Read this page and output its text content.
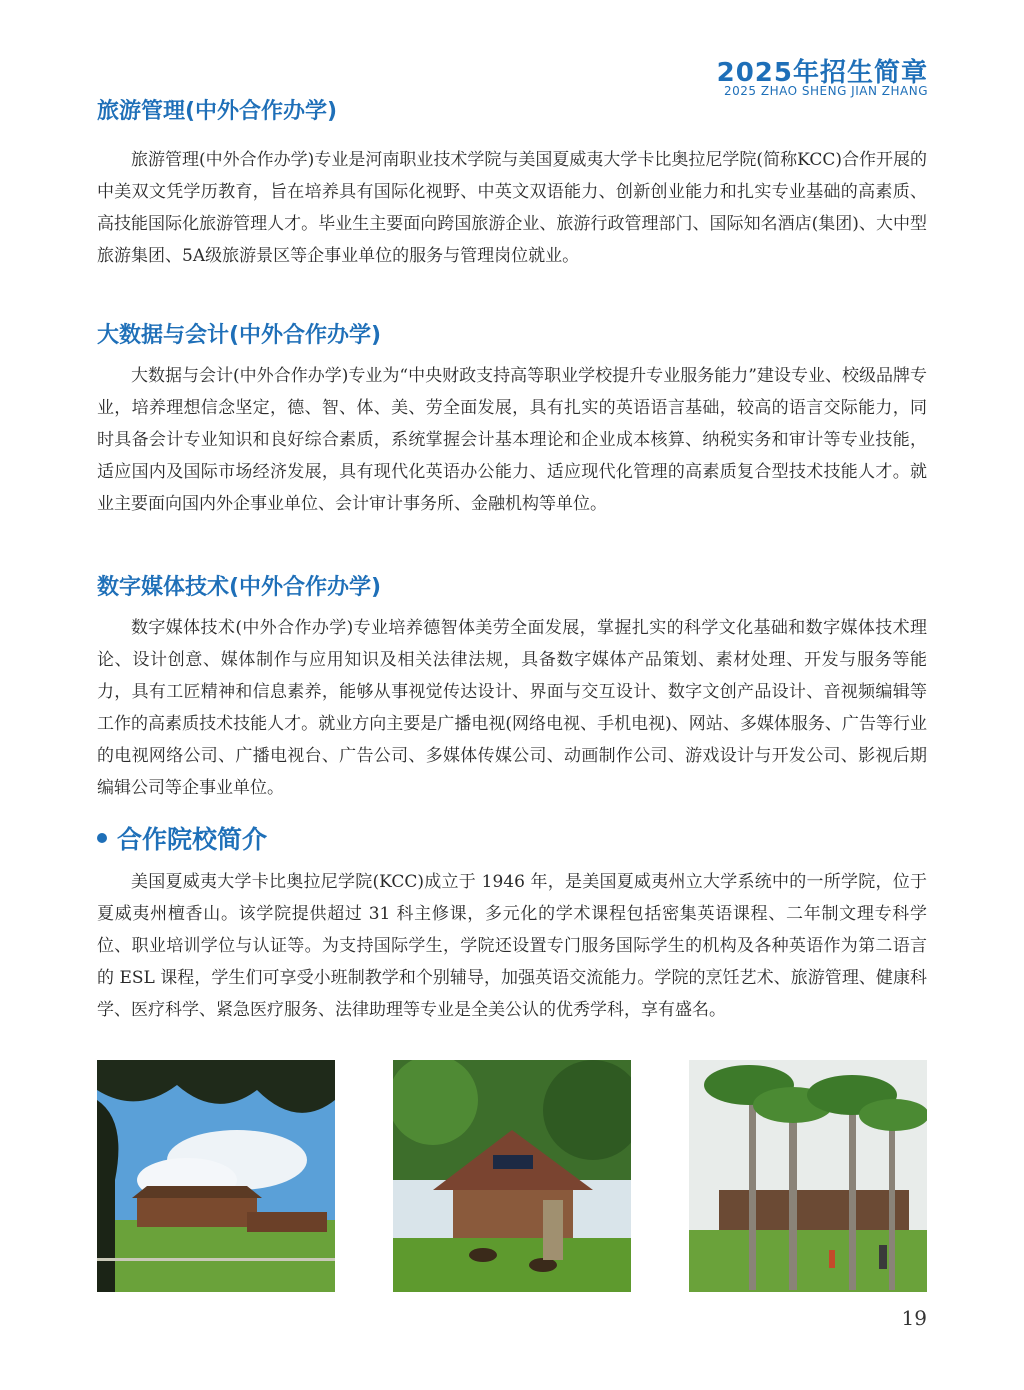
2025年招生简章
2025 ZHAO SHENG JIAN ZHANG
旅游管理(中外合作办学)

旅游管理(中外合作办学)专业是河南职业技术学院与美国夏威夷大学卡比奥拉尼学院(简称KCC)合作开展的中美双文凭学历教育，旨在培养具有国际化视野、中英文双语能力、创新创业能力和扎实专业基础的高素质、高技能国际化旅游管理人才。毕业生主要面向跨国旅游企业、旅游行政管理部门、国际知名酒店(集团)、大中型旅游集团、5A级旅游景区等企事业单位的服务与管理岗位就业。

大数据与会计(中外合作办学)

大数据与会计(中外合作办学)专业为“中央财政支持高等职业学校提升专业服务能力”建设专业、校级品牌专业，培养理想信念坚定，德、智、体、美、劳全面发展，具有扎实的英语语言基础，较高的语言交际能力，同时具备会计专业知识和良好综合素质，系统掌握会计基本理论和企业成本核算、纳税实务和审计等专业技能，适应国内及国际市场经济发展，具有现代化英语办公能力、适应现代化管理的高素质复合型技术技能人才。就业主要面向国内外企事业单位、会计审计事务所、金融机构等单位。

数字媒体技术(中外合作办学)

数字媒体技术(中外合作办学)专业培养德智体美劳全面发展，掌握扎实的科学文化基础和数字媒体技术理论、设计创意、媒体制作与应用知识及相关法律法规，具备数字媒体产品策划、素材处理、开发与服务等能力，具有工匠精神和信息素养，能够从事视觉传达设计、界面与交互设计、数字文创产品设计、音视频编辑等工作的高素质技术技能人才。就业方向主要是广播电视(网络电视、手机电视)、网站、多媒体服务、广告等行业的电视网络公司、广播电视台、广告公司、多媒体传媒公司、动画制作公司、游戏设计与开发公司、影视后期编辑公司等企事业单位。

合作院校简介

美国夏威夷大学卡比奥拉尼学院(KCC)成立于 1946 年，是美国夏威夷州立大学系统中的一所学院，位于夏威夷州檀香山。该学院提供超过 31 科主修课，多元化的学术课程包括密集英语课程、二年制文理专科学位、职业培训学位与认证等。为支持国际学生，学院还设置专门服务国际学生的机构及各种英语作为第二语言的 ESL 课程，学生们可享受小班制教学和个别辅导，加强英语交流能力。学院的烹饪艺术、旅游管理、健康科学、医疗科学、紧急医疗服务、法律助理等专业是全美公认的优秀学科，享有盛名。

19
